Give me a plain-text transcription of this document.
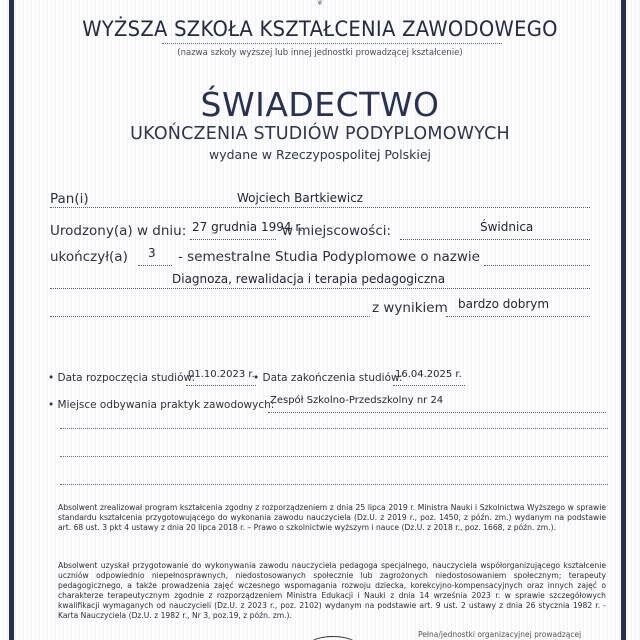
❦
WYŻSZA SZKOŁA KSZTAŁCENIA ZAWODOWEGO
(nazwa szkoły wyższej lub innej jednostki prowadzącej kształcenie)
ŚWIADECTWO
UKOŃCZENIA STUDIÓW PODYPLOMOWYCH
wydane w Rzeczypospolitej Polskiej
Pan(i)	Wojciech Bartkiewicz
Urodzony(a) w dniu: 27 grudnia 1994 r.
w miejscowości:	Świdnica
ukończył(a) 3 - semestralne Studia Podyplomowe o nazwie
Diagnoza, rewalidacja i terapia pedagogiczna
z wynikiem bardzo dobrym
• Data rozpoczęcia studiów:
01.10.2023 r.
• Data zakończenia studiów:
16.04.2025 r.
• Miejsce odbywania praktyk zawodowych:
Zespół Szkolno-Przedszkolny nr 24
Absolwent zrealizował program kształcenia zgodny z rozporządzeniem z dnia 25 lipca 2019 r. Ministra Nauki i Szkolnictwa Wyższego w sprawie standardu kształcenia przygotowującego do wykonania zawodu nauczyciela (Dz.U. z 2019 r., poz. 1450, z późn. zm.) wydanym na podstawie art. 68 ust. 3 pkt 4 ustawy z dnia 20 lipca 2018 r. – Prawo o szkolnictwie wyższym i nauce (Dz.U. z 2018 r., poz. 1668, z późn. zm.).
Absolwent uzyskał przygotowanie do wykonywania zawodu nauczyciela pedagoga specjalnego, nauczyciela współorganizującego kształcenie uczniów odpowiednio niepełnosprawnych, niedostosowanych społecznie lub zagrożonych niedostosowaniem społecznym; terapeuty pedagogicznego, a także prowadzenia zajęć wczesnego wspomagania rozwoju dziecka, korekcyjno-kompensacyjnych oraz innych zajęć o charakterze terapeutycznym zgodnie z rozporządzeniem Ministra Edukacji i Nauki z dnia 14 września 2023 r. w sprawie szczegółowych kwalifikacji wymaganych od nauczycieli (Dz.U. z 2023 r., poz. 2102) wydanym na podstawie art. 9 ust. 2 ustawy z dnia 26 stycznia 1982 r. - Karta Nauczyciela (Dz.U. z 1982 r., Nr 3, poz.19, z późn. zm.).
Pełna/jednostki organizacyjnej prowadzącej
